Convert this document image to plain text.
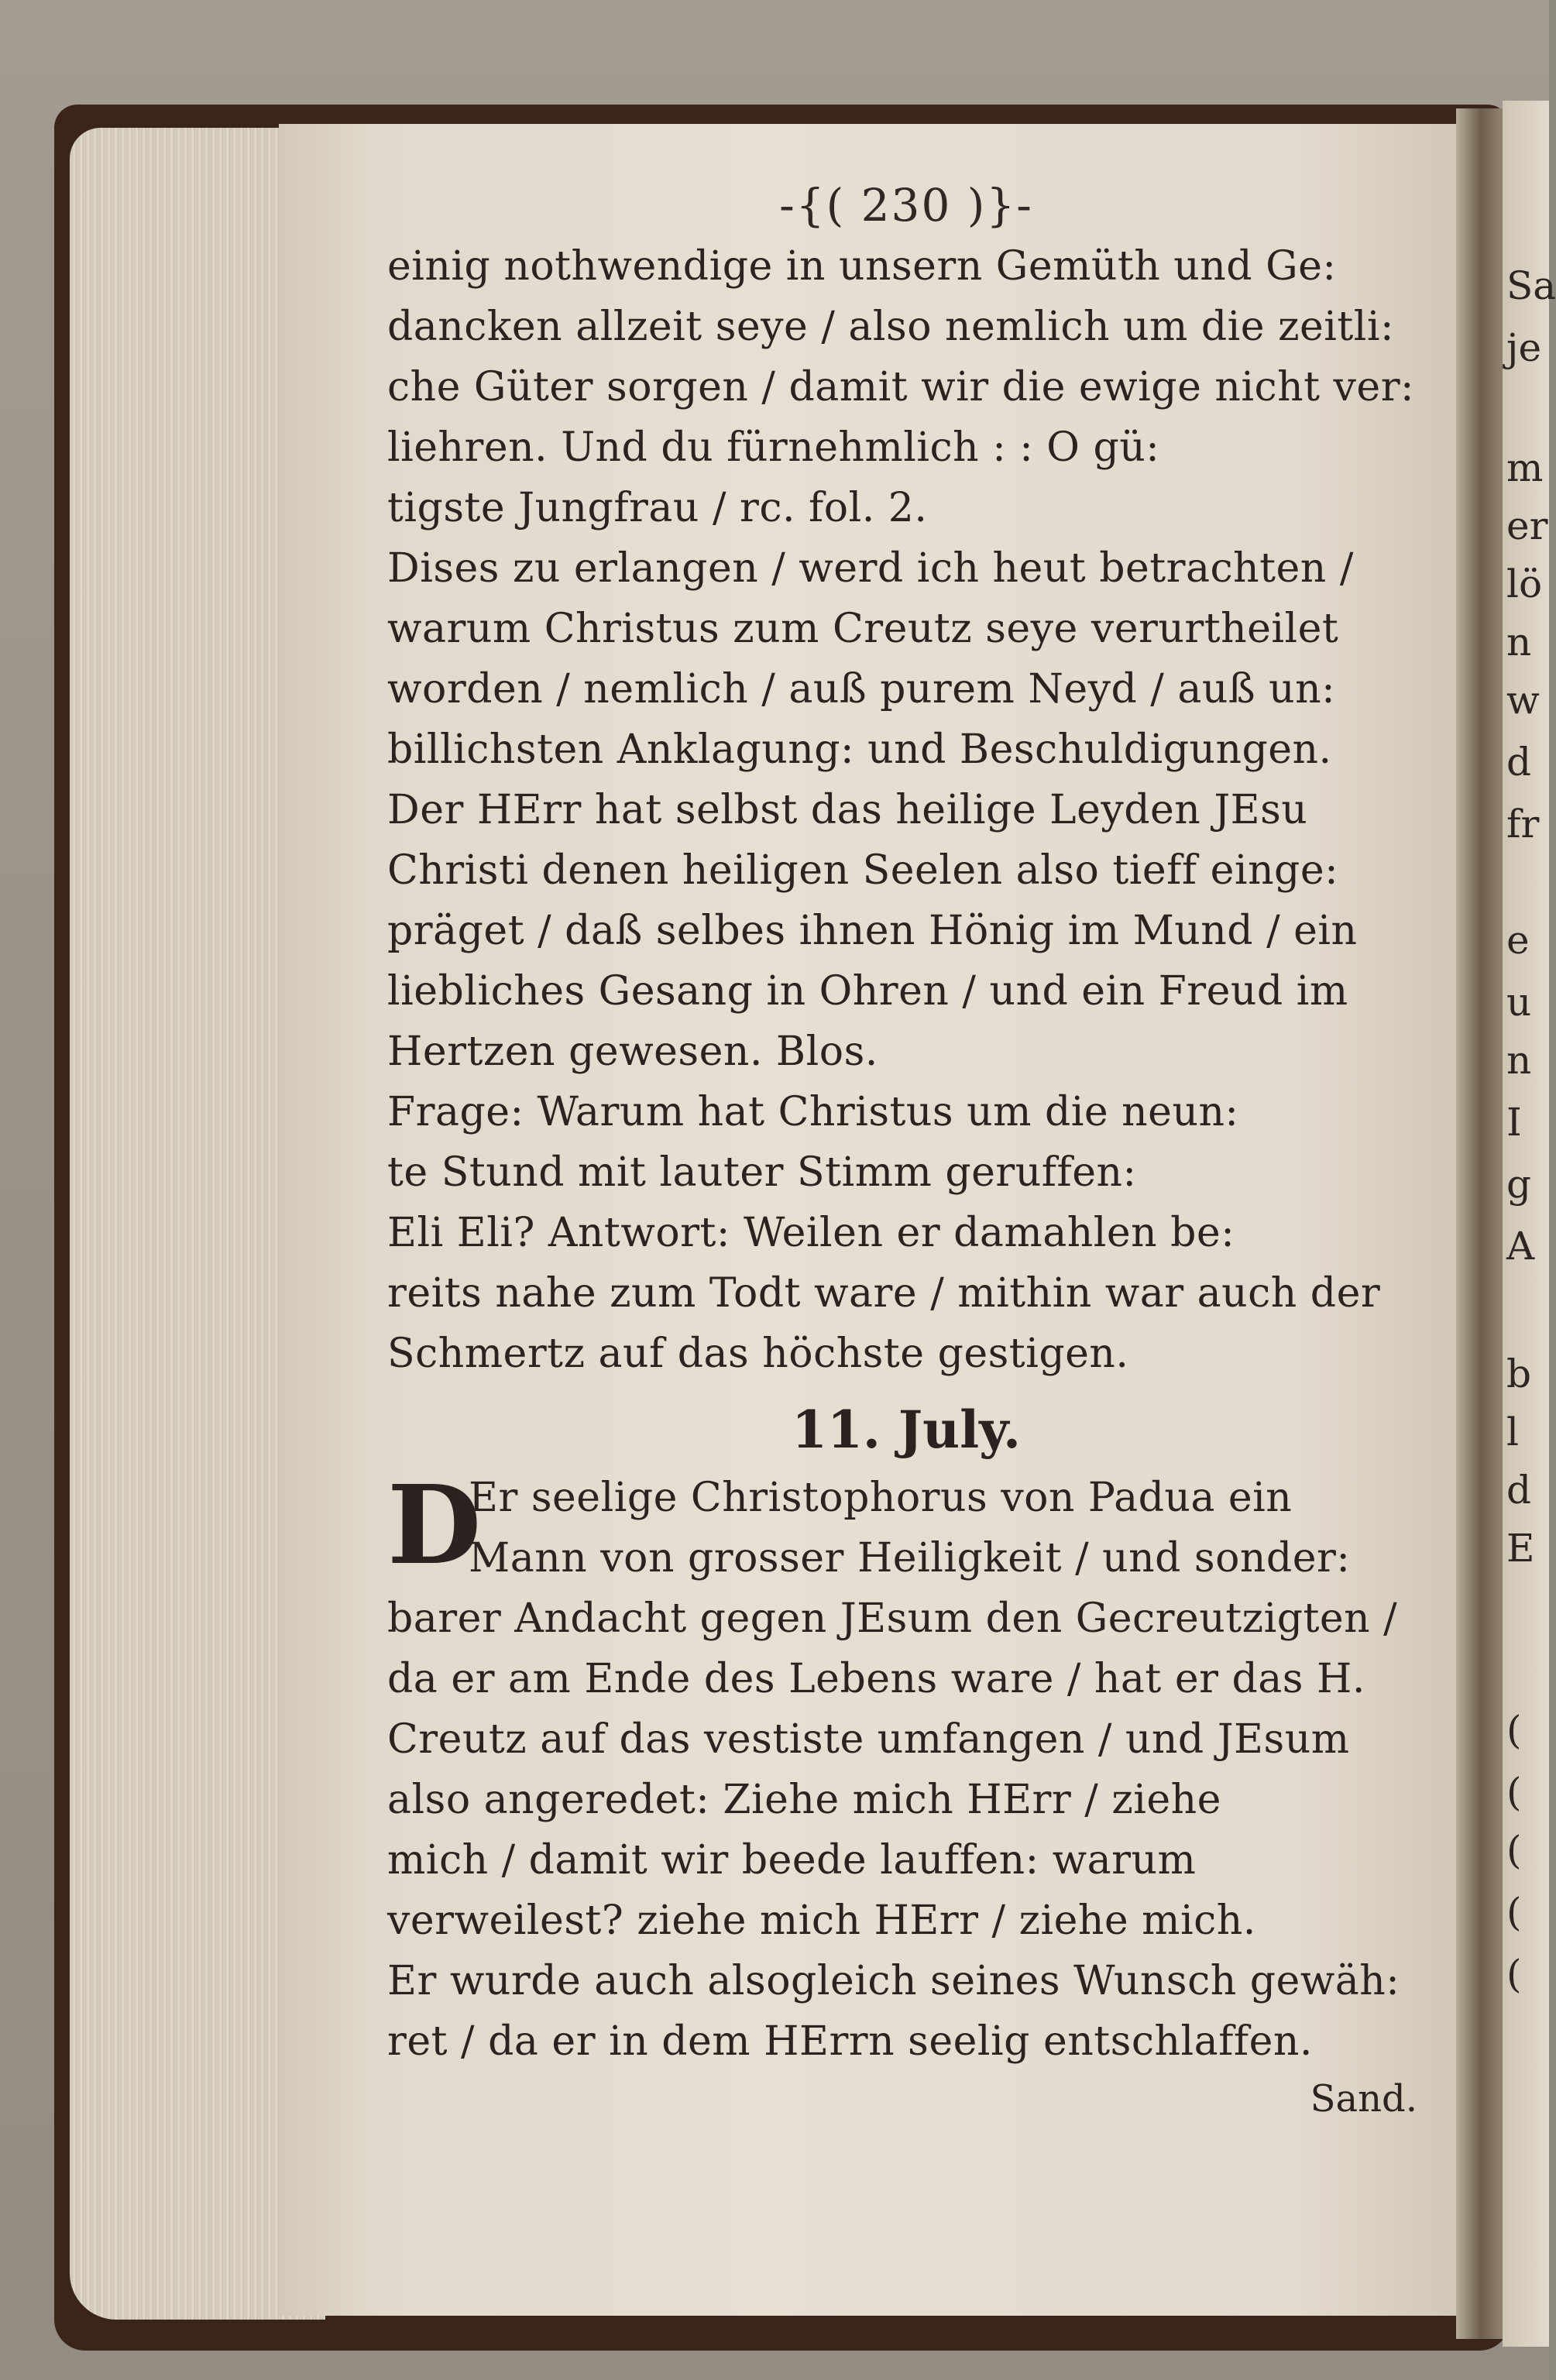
-{( 230 )}-
einig nothwendige in unsern Gemüth und Ge:
dancken allzeit seye / also nemlich um die zeitli:
che Güter sorgen / damit wir die ewige nicht ver:
liehren. Und du fürnehmlich : : O gü:
tigste Jungfrau / rc. fol. 2.
Dises zu erlangen / werd ich heut betrachten /
warum Christus zum Creutz seye verurtheilet
worden / nemlich / auß purem Neyd / auß un:
billichsten Anklagung: und Beschuldigungen.
Der HErr hat selbst das heilige Leyden JEsu
Christi denen heiligen Seelen also tieff einge:
präget / daß selbes ihnen Hönig im Mund / ein
liebliches Gesang in Ohren / und ein Freud im
Hertzen gewesen. Blos.
Frage: Warum hat Christus um die neun:
te Stund mit lauter Stimm geruffen:
Eli Eli? Antwort: Weilen er damahlen be:
reits nahe zum Todt ware / mithin war auch der
Schmertz auf das höchste gestigen.
11. July.
D
Er seelige Christophorus von Padua ein
Mann von grosser Heiligkeit / und sonder:
barer Andacht gegen JEsum den Gecreutzigten /
da er am Ende des Lebens ware / hat er das H.
Creutz auf das vestiste umfangen / und JEsum
also angeredet: Ziehe mich HErr / ziehe
mich / damit wir beede lauffen: warum
verweilest? ziehe mich HErr / ziehe mich.
Er wurde auch alsogleich seines Wunsch gewäh:
ret / da er in dem HErrn seelig entschlaffen.
Sand.
Sa
je
m
er
lö
n
w
d
fr
e
u
n
I
g
A
b
l
d
E
(
(
(
(
(
